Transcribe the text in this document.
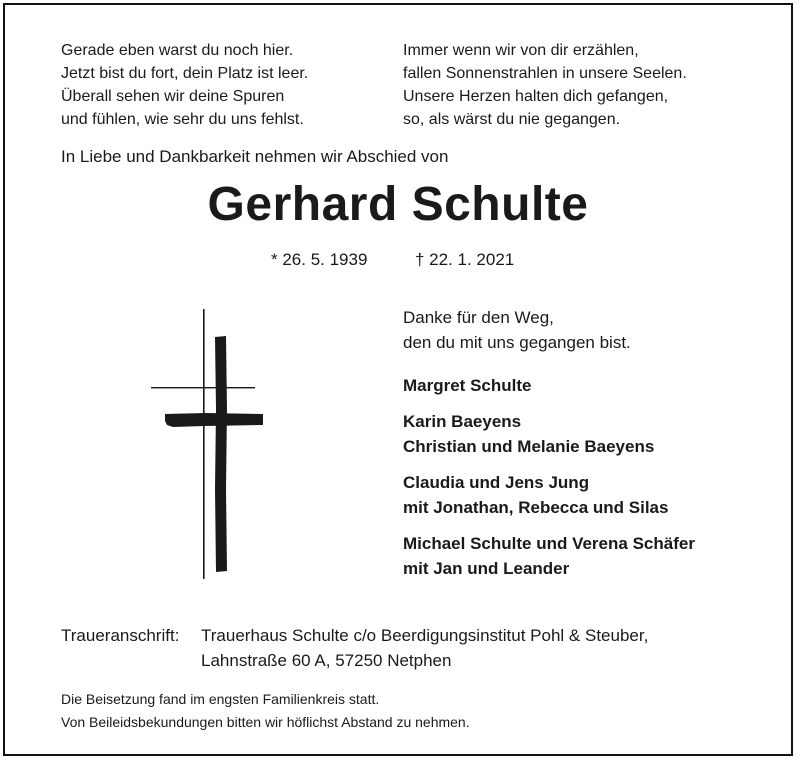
Gerade eben warst du noch hier.
Jetzt bist du fort, dein Platz ist leer.
Überall sehen wir deine Spuren
und fühlen, wie sehr du uns fehlst.
Immer wenn wir von dir erzählen,
fallen Sonnenstrahlen in unsere Seelen.
Unsere Herzen halten dich gefangen,
so, als wärst du nie gegangen.
In Liebe und Dankbarkeit nehmen wir Abschied von
Gerhard Schulte
* 26. 5. 1939	† 22. 1. 2021
Danke für den Weg,
den du mit uns gegangen bist.
Margret Schulte
Karin Baeyens
Christian und Melanie Baeyens
Claudia und Jens Jung
mit Jonathan, Rebecca und Silas
Michael Schulte und Verena Schäfer
mit Jan und Leander
Traueranschrift:	Trauerhaus Schulte c/o Beerdigungsinstitut Pohl & Steuber,
Lahnstraße 60 A, 57250 Netphen
Die Beisetzung fand im engsten Familienkreis statt.
Von Beileidsbekundungen bitten wir höflichst Abstand zu nehmen.
